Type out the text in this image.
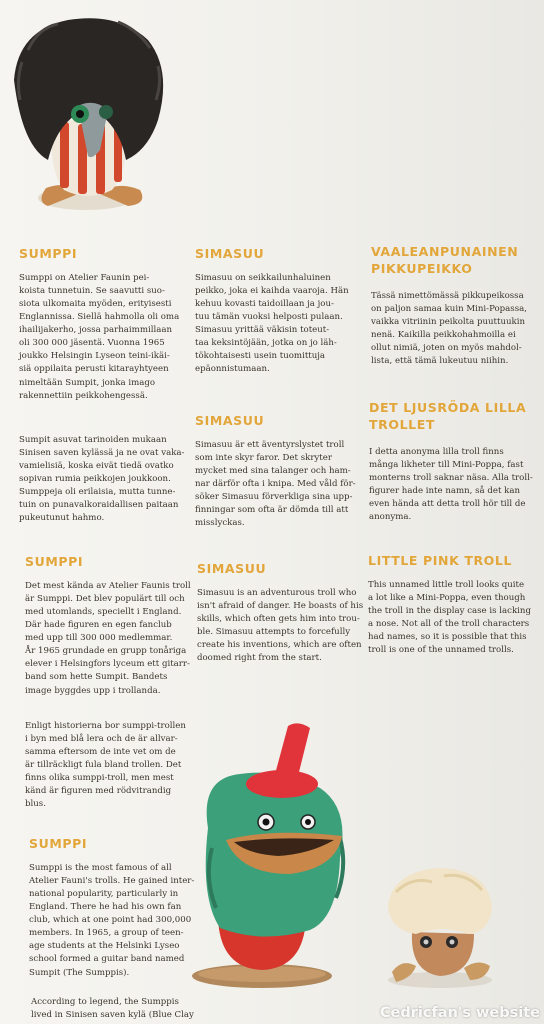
SUMPPI
Sumppi on Atelier Faunin pei-
koista tunnetuin. Se saavutti suo-
siota ulkomaita myöden, erityisesti
Englannissa. Siellä hahmolla oli oma
ihailijakerho, jossa parhaimmillaan
oli 300 000 jäsentä. Vuonna 1965
joukko Helsingin Lyseon teini-ikäi-
siä oppilaita perusti kitarayhtyeen
nimeltään Sumpit, jonka imago
rakennettiin peikkohengessä.
Sumpit asuvat tarinoiden mukaan
Sinisen saven kylässä ja ne ovat vaka-
vamielisiä, koska eivät tiedä ovatko
sopivan rumia peikkojen joukkoon.
Sumppeja oli erilaisia, mutta tunne-
tuin on punavalkoraidallisen paitaan
pukeutunut hahmo.
SUMPPI
Det mest kända av Atelier Faunis troll
är Sumppi. Det blev populärt till och
med utomlands, speciellt i England.
Där hade figuren en egen fanclub
med upp till 300 000 medlemmar.
År 1965 grundade en grupp tonåriga
elever i Helsingfors lyceum ett gitarr-
band som hette Sumpit. Bandets
image byggdes upp i trollanda.
Enligt historierna bor sumppi-trollen
i byn med blå lera och de är allvar-
samma eftersom de inte vet om de
är tillräckligt fula bland trollen. Det
finns olika sumppi-troll, men mest
känd är figuren med rödvitrandig
blus.
SUMPPI
Sumppi is the most famous of all
Atelier Fauni's trolls. He gained inter-
national popularity, particularly in
England. There he had his own fan
club, which at one point had 300,000
members. In 1965, a group of teen-
age students at the Helsinki Lyseo
school formed a guitar band named
Sumpit (The Sumppis).
According to legend, the Sumppis
lived in Sinisen saven kylä (Blue Clay
SIMASUU
Simasuu on seikkailunhaluinen
peikko, joka ei kaihda vaaroja. Hän
kehuu kovasti taidoillaan ja jou-
tuu tämän vuoksi helposti pulaan.
Simasuu yrittää väkisin toteut-
taa keksintöjään, jotka on jo läh-
tökohtaisesti usein tuomittuja
epäonnistumaan.
SIMASUU
Simasuu är ett äventyrslystet troll
som inte skyr faror. Det skryter
mycket med sina talanger och ham-
nar därför ofta i knipa. Med våld för-
söker Simasuu förverkliga sina upp-
finningar som ofta är dömda till att
misslyckas.
SIMASUU
Simasuu is an adventurous troll who
isn't afraid of danger. He boasts of his
skills, which often gets him into trou-
ble. Simasuu attempts to forcefully
create his inventions, which are often
doomed right from the start.
VAALEANPUNAINEN
PIKKUPEIKKO
Tässä nimettömässä pikkupeikossa
on paljon samaa kuin Mini-Popassa,
vaikka vitriinin peikolta puuttuukin
nenä. Kaikilla peikkohahmoilla ei
ollut nimiä, joten on myös mahdol-
lista, että tämä lukeutuu niihin.
DET LJUSRÖDA LILLA
TROLLET
I detta anonyma lilla troll finns
många likheter till Mini-Poppa, fast
monterns troll saknar näsa. Alla troll-
figurer hade inte namn, så det kan
even hända att detta troll hör till de
anonyma.
LITTLE PINK TROLL
This unnamed little troll looks quite
a lot like a Mini-Poppa, even though
the troll in the display case is lacking
a nose. Not all of the troll characters
had names, so it is possible that this
troll is one of the unnamed trolls.
Cedricfan's website
